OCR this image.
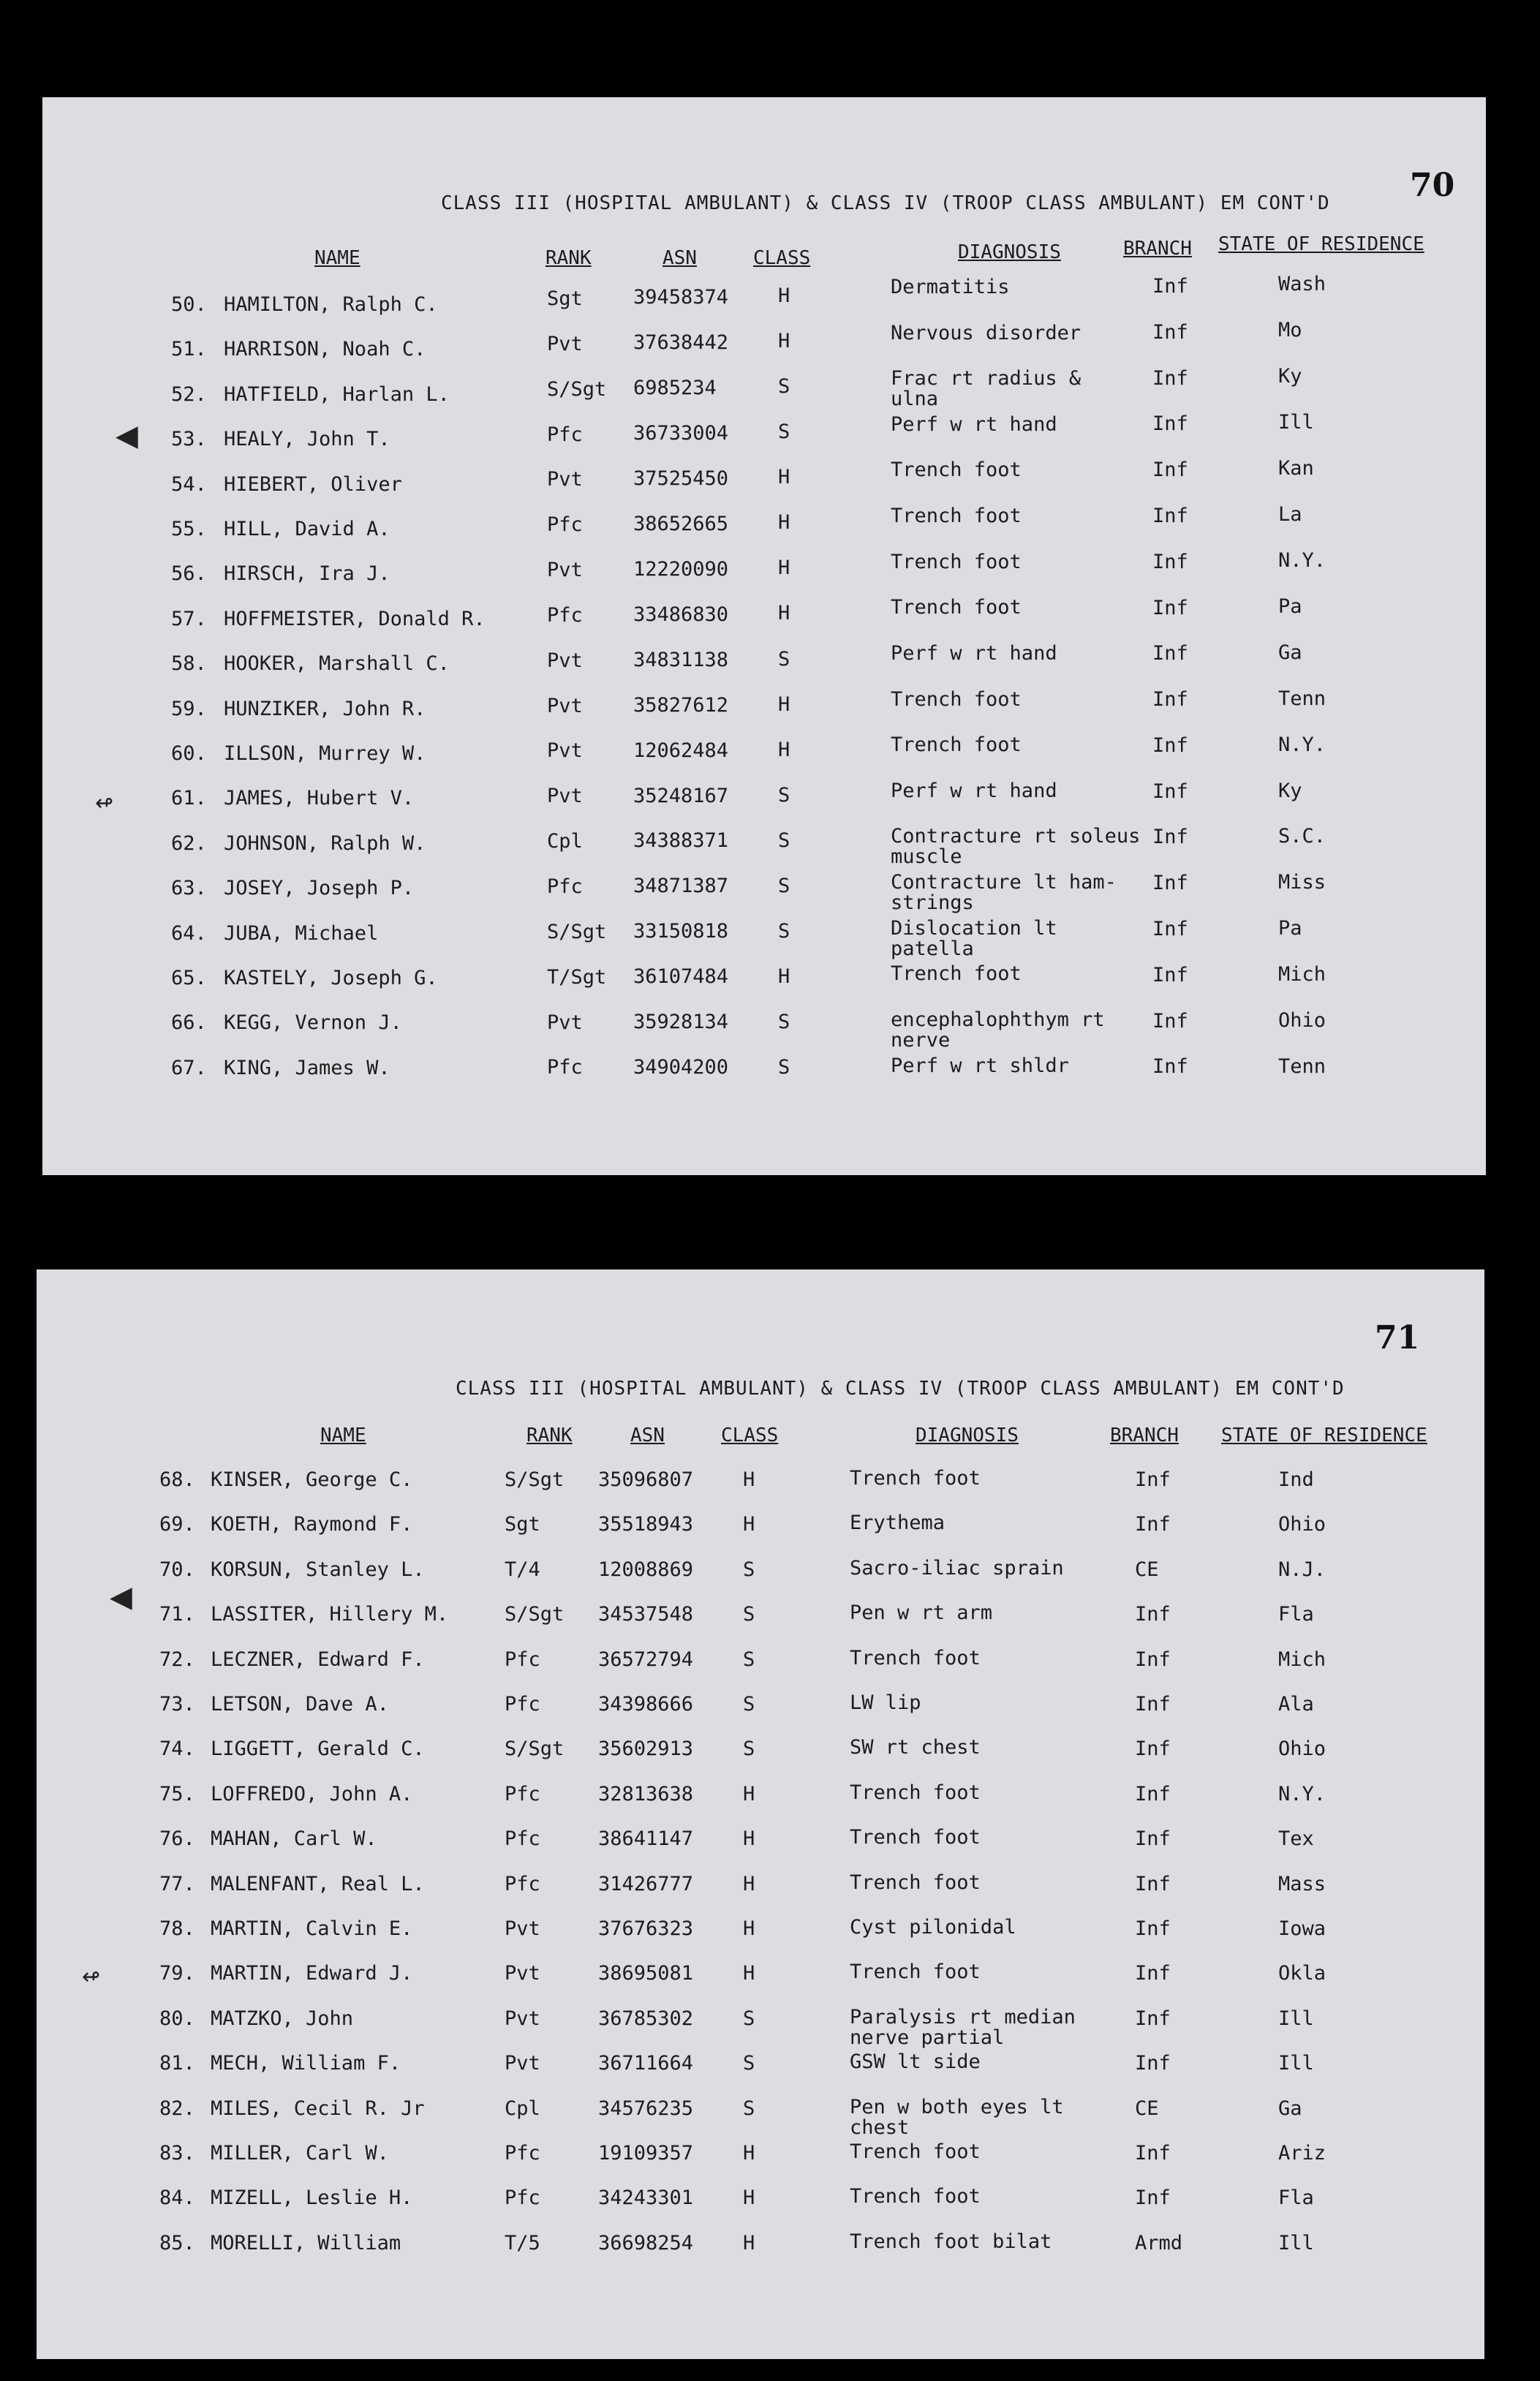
70
CLASS III (HOSPITAL AMBULANT) & CLASS IV (TROOP CLASS AMBULANT) EM CONT'D
NAME	RANK	ASN	CLASS	DIAGNOSIS	BRANCH STATE OF RESIDENCE
50. HAMILTON, Ralph C.	Sgt	39458374	H	Dermatitis	Inf	Wash
51. HARRISON, Noah C.	Pvt	37638442	H	Nervous disorder	Inf	Mo
52. HATFIELD, Harlan L.	S/Sgt 6985234	S	Frac rt radius &
ulna
Inf	Ky
53. HEALY, John T.	Pfc	36733004	S	Perf w rt hand	Inf	Ill
54. HIEBERT, Oliver	Pvt	37525450	H	Trench foot	Inf	Kan
55. HILL, David A.	Pfc	38652665	H	Trench foot	Inf	La
56. HIRSCH, Ira J.	Pvt	12220090	H	Trench foot	Inf	N.Y.
57. HOFFMEISTER, Donald R.	Pfc	33486830	H	Trench foot	Inf	Pa
58. HOOKER, Marshall C.	Pvt	34831138	S	Perf w rt hand	Inf	Ga
59. HUNZIKER, John R.	Pvt	35827612	H	Trench foot	Inf	Tenn
60. ILLSON, Murrey W.	Pvt	12062484	H	Trench foot	Inf	N.Y.
61. JAMES, Hubert V.	Pvt	35248167	S	Perf w rt hand	Inf	Ky
62. JOHNSON, Ralph W.	Cpl	34388371	S	Contracture rt soleus
muscle
Inf	S.C.
63. JOSEY, Joseph P.	Pfc	34871387	S	Contracture lt ham-
strings
Inf	Miss
64. JUBA, Michael	S/Sgt 33150818	S	Dislocation lt
patella
Inf	Pa
65. KASTELY, Joseph G.	T/Sgt 36107484	H	Trench foot	Inf	Mich
66. KEGG, Vernon J.	Pvt	35928134	S	encephalophthym rt
nerve
Inf	Ohio
67. KING, James W.	Pfc	34904200	S	Perf w rt shldr	Inf	Tenn
◀
↫
71
CLASS III (HOSPITAL AMBULANT) & CLASS IV (TROOP CLASS AMBULANT) EM CONT'D
NAME	RANK	ASN	CLASS	DIAGNOSIS	BRANCH STATE OF RESIDENCE
68. KINSER, George C.	S/Sgt 35096807	H	Trench foot	Inf	Ind
69. KOETH, Raymond F.	Sgt	35518943	H	Erythema	Inf	Ohio
70. KORSUN, Stanley L.	T/4	12008869	S	Sacro-iliac sprain	CE	N.J.
71. LASSITER, Hillery M.	S/Sgt 34537548	S	Pen w rt arm	Inf	Fla
72. LECZNER, Edward F.	Pfc	36572794	S	Trench foot	Inf	Mich
73. LETSON, Dave A.	Pfc	34398666	S	LW lip	Inf	Ala
74. LIGGETT, Gerald C.	S/Sgt 35602913	S	SW rt chest	Inf	Ohio
75. LOFFREDO, John A.	Pfc	32813638	H	Trench foot	Inf	N.Y.
76. MAHAN, Carl W.	Pfc	38641147	H	Trench foot	Inf	Tex
77. MALENFANT, Real L.	Pfc	31426777	H	Trench foot	Inf	Mass
78. MARTIN, Calvin E.	Pvt	37676323	H	Cyst pilonidal	Inf	Iowa
79. MARTIN, Edward J.	Pvt	38695081	H	Trench foot	Inf	Okla
80. MATZKO, John	Pvt	36785302	S	Paralysis rt median
nerve partial
Inf	Ill
81. MECH, William F.	Pvt	36711664	S	GSW lt side	Inf	Ill
82. MILES, Cecil R. Jr	Cpl	34576235	S	Pen w both eyes lt
chest
CE	Ga
83. MILLER, Carl W.	Pfc	19109357	H	Trench foot	Inf	Ariz
84. MIZELL, Leslie H.	Pfc	34243301	H	Trench foot	Inf	Fla
85. MORELLI, William	T/5	36698254	H	Trench foot bilat	Armd	Ill
◀
↫
